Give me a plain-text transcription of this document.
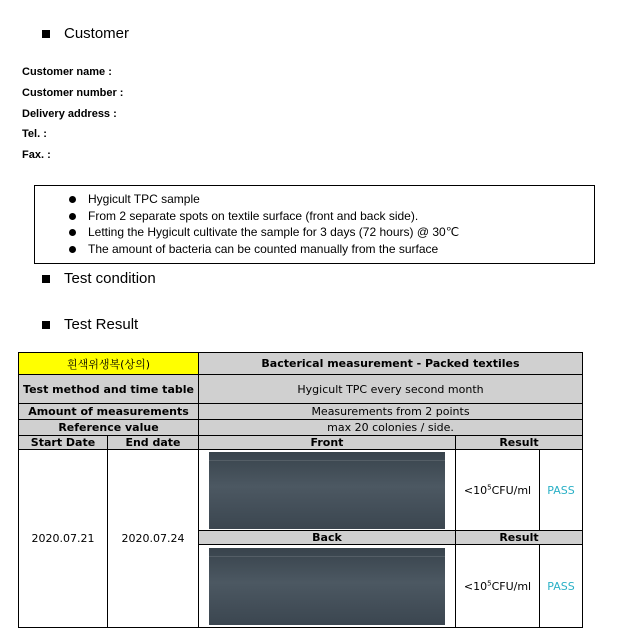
Customer
Customer name :
Customer number :
Delivery address :
Tel. :
Fax. :
Hygicult TPC sample
From 2 separate spots on textile surface (front and back side).
Letting the Hygicult cultivate the sample for 3 days (72 hours) @ 30℃
The amount of bacteria can be counted manually from the surface
Test condition
Test Result
흰색위생복(상의)		Bacterical measurement - Packed textiles		
Test method and time table		Hygicult TPC every second month		
Amount of measurements		Measurements from 2 points		
Reference value		max 20 colonies / side.		
Start Date	End date	Front	Result	
2020.07.21	2020.07.24		$<10^5CFU/ml$	PASS
		Back	Result	

			$<10^5CFU/ml$	PASS
